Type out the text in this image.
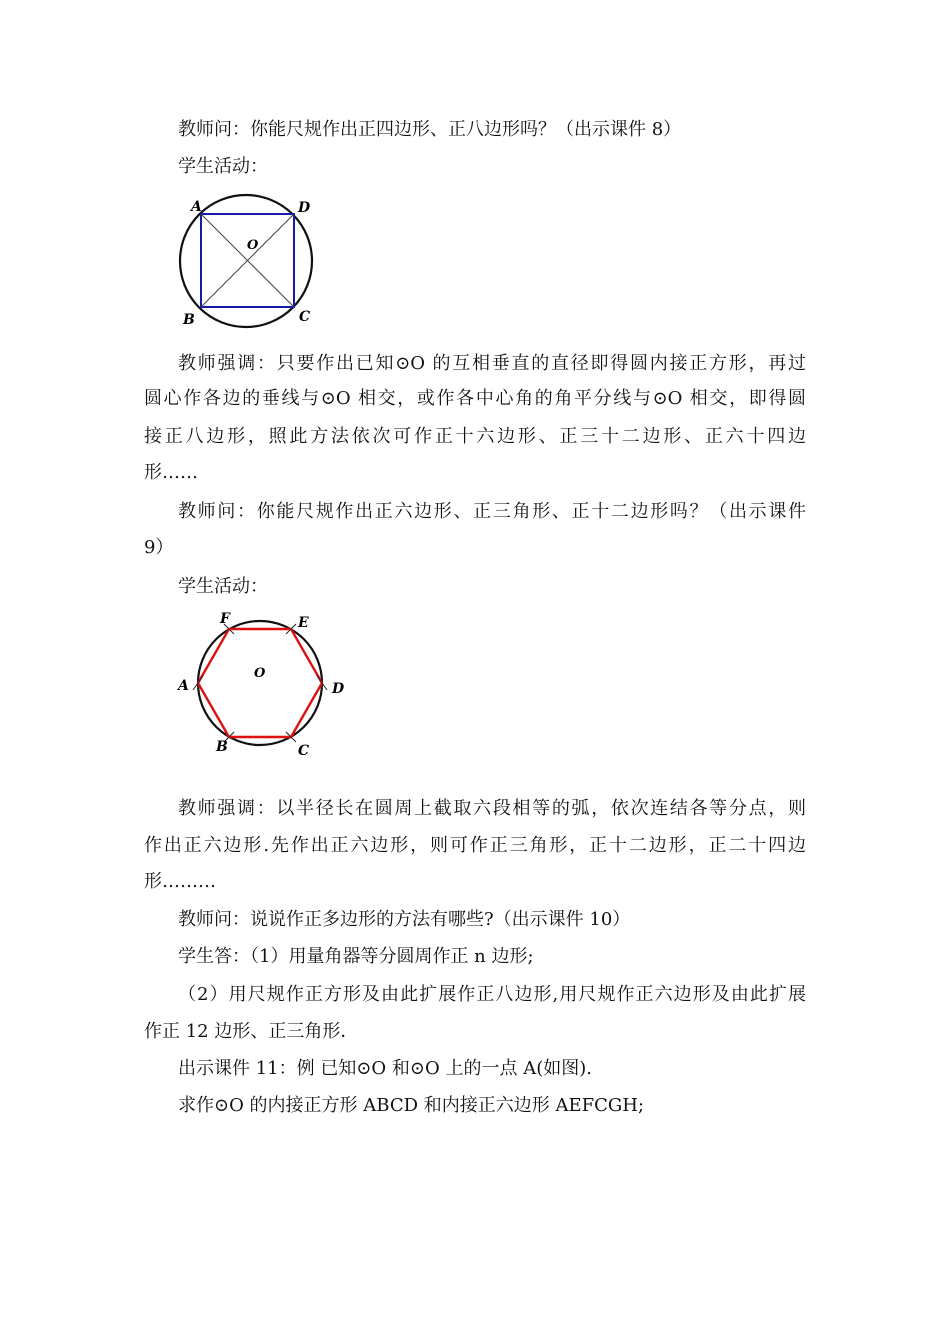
教师问：你能尺规作出正四边形、正八边形吗？（出示课件 8）
学生活动：
A	D
O
B	C
教师强调：只要作出已知⊙O 的互相垂直的直径即得圆内接正方形，再过
圆心作各边的垂线与⊙O 相交，或作各中心角的角平分线与⊙O 相交，即得圆
接正八边形，照此方法依次可作正十六边形、正三十二边形、正六十四边
形……
教师问：你能尺规作出正六边形、正三角形、正十二边形吗？（出示课件
9）
学生活动：
F	E
O
A	D
B	C
教师强调：以半径长在圆周上截取六段相等的弧，依次连结各等分点，则
作出正六边形.先作出正六边形，则可作正三角形，正十二边形，正二十四边
形………
教师问：说说作正多边形的方法有哪些?（出示课件 10）
学生答：（1）用量角器等分圆周作正 n 边形;
（2）用尺规作正方形及由此扩展作正八边形,用尺规作正六边形及由此扩展
作正 12 边形、正三角形．
出示课件 11：例 已知⊙O 和⊙O 上的一点 A(如图).
求作⊙O 的内接正方形 ABCD 和内接正六边形 AEFCGH;
